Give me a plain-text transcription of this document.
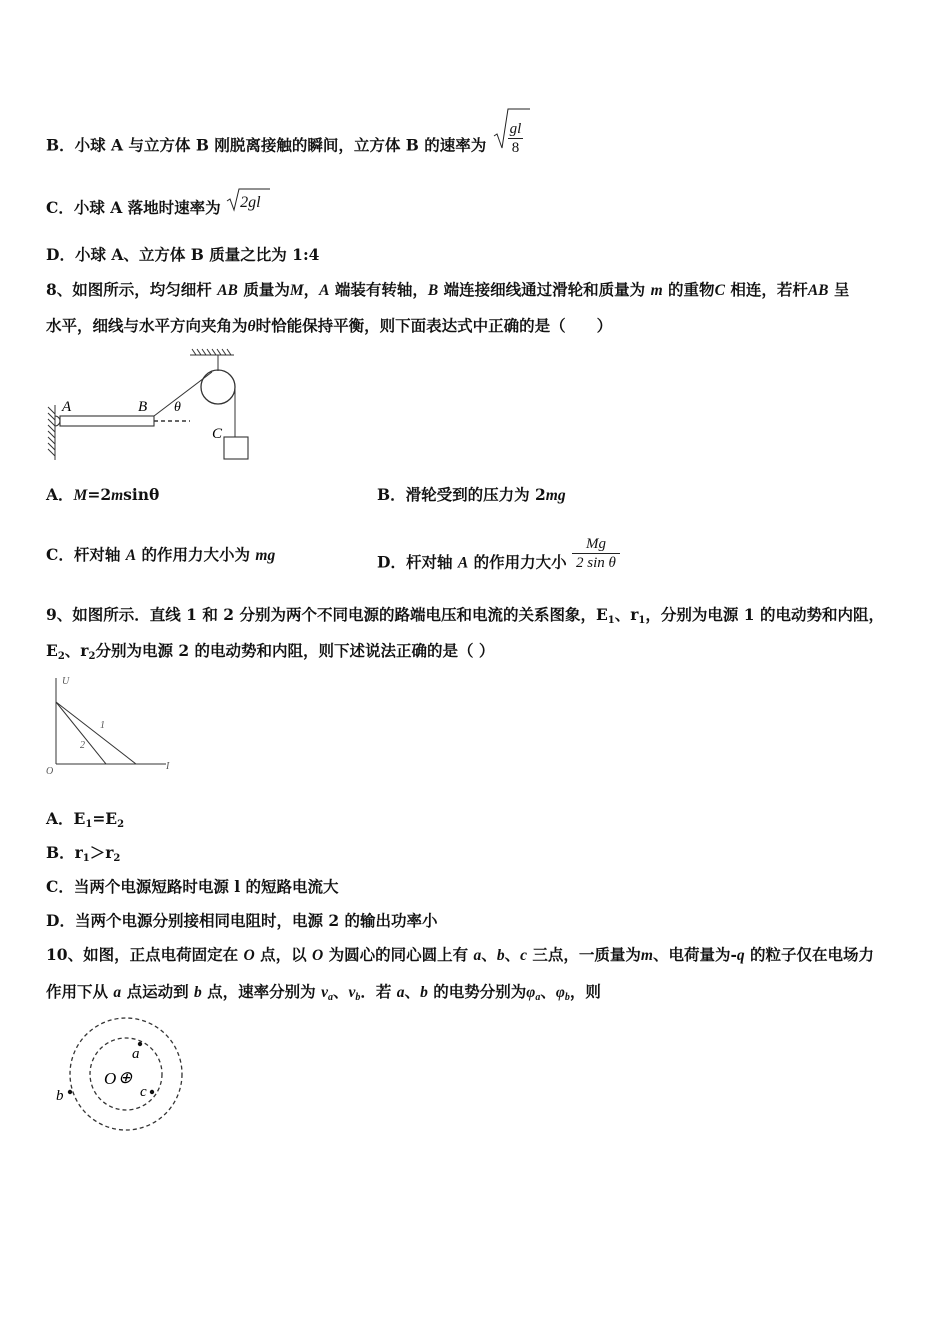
B．小球 A 与立方体 B 刚脱离接触的瞬间，立方体 B 的速率为 $\frac{gl}{8}$
C．小球 A 落地时速率为 2gl
D．小球 A、立方体 B 质量之比为 1:4
8、如图所示，均匀细杆 AB 质量为M，A 端装有转轴，B 端连接细线通过滑轮和质量为 m 的重物C 相连，若杆AB 呈
水平，细线与水平方向夹角为θ时恰能保持平衡，则下面表达式中正确的是（　　）
A	B θ
C
A．M=2msinθ	B．滑轮受到的压力为 2mg
C．杆对轴 A 的作用力大小为 mg	D．杆对轴 A 的作用力大小 $\frac{Mg}{\text{2 sin θ}}$
9、如图所示．直线 1 和 2 分别为两个不同电源的路端电压和电流的关系图象，$E_1$、$r_1$，分别为电源 1 的电动势和内阻，
$E_2$、$r_2$分别为电源 2 的电动势和内阻，则下述说法正确的是（ ）
U
I
O
1
2
A．$E_1=E_2$
B．$r_1>r_2$
C．当两个电源短路时电源 l 的短路电流大
D．当两个电源分别接相同电阻时，电源 2 的输出功率小
10、如图，正点电荷固定在 O 点，以 O 为圆心的同心圆上有 a、b、c 三点，一质量为m、电荷量为-q 的粒子仅在电场力
作用下从 a 点运动到 b 点，速率分别为 $v_a$、$v_b$．若 a、b 的电势分别为$\varphi_a$、$\varphi_b$，则
O ⊕
a
b	c
